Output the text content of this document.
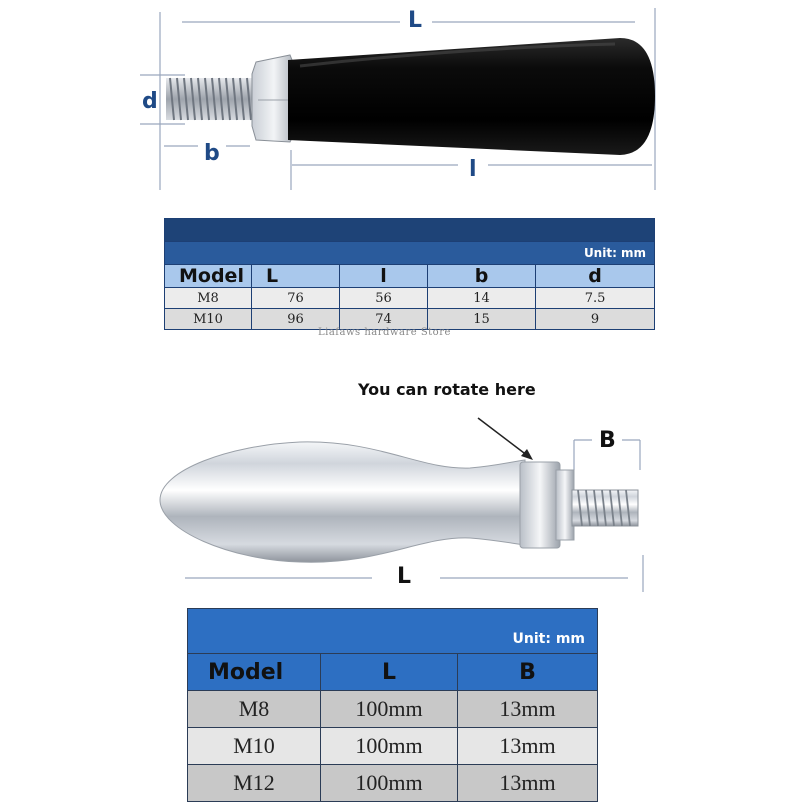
L
d
b
l

Unit: mm				
Model	L	l	b	d
M8	76	56	14	7.5
M10	96	74	15	9
Liafaws hardware Store
You can rotate here
B
L
Unit: mm		
Model	L	B
M8	100mm	13mm
M10	100mm	13mm
M12	100mm	13mm
